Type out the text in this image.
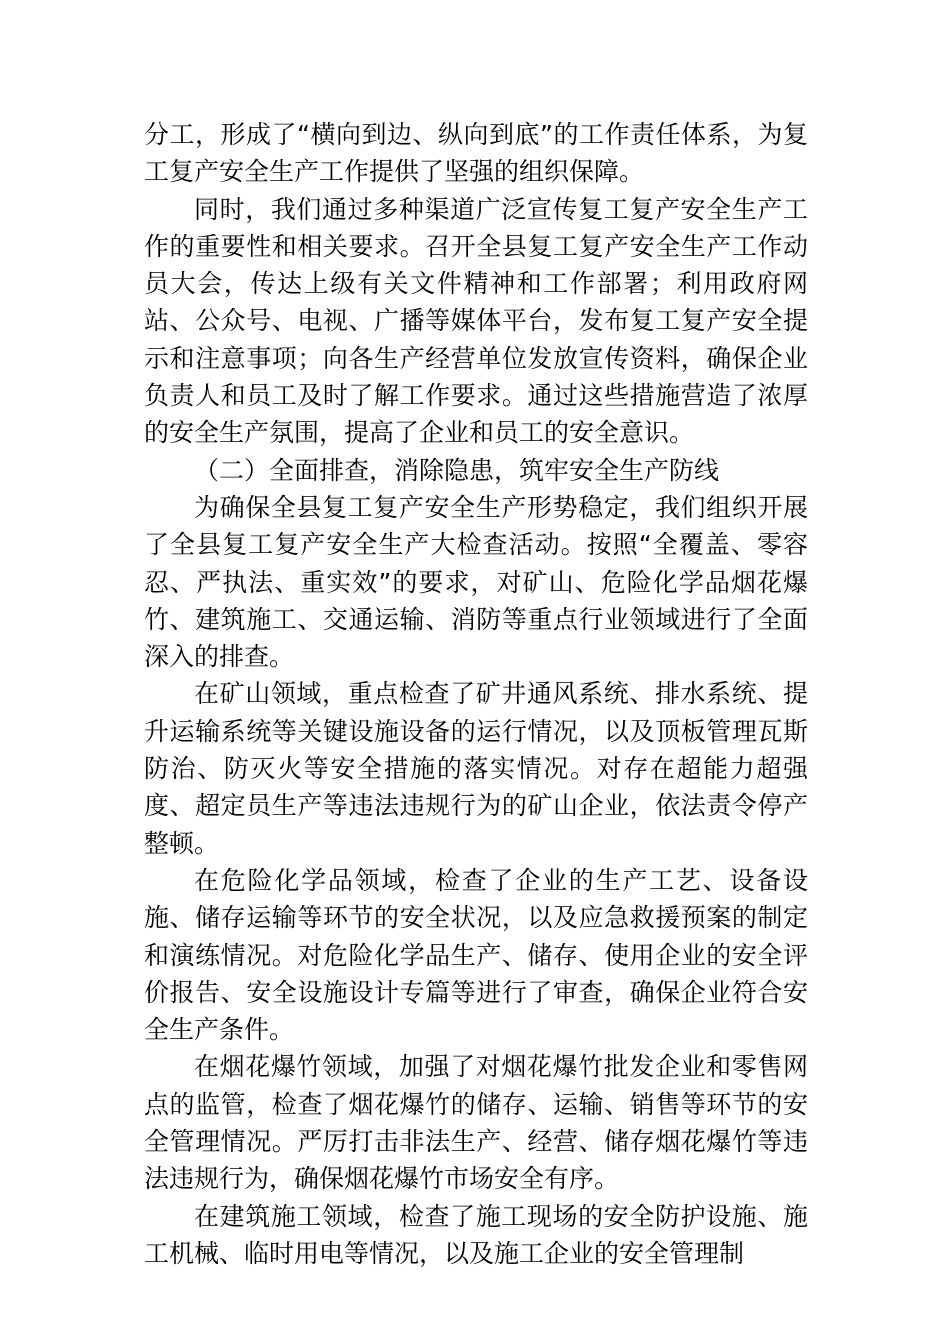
分工，形成了“横向到边、纵向到底”的工作责任体系，为复工复产安全生产工作提供了坚强的组织保障。

同时，我们通过多种渠道广泛宣传复工复产安全生产工作的重要性和相关要求。召开全县复工复产安全生产工作动员大会，传达上级有关文件精神和工作部署；利用政府网站、公众号、电视、广播等媒体平台，发布复工复产安全提示和注意事项；向各生产经营单位发放宣传资料，确保企业负责人和员工及时了解工作要求。通过这些措施营造了浓厚的安全生产氛围，提高了企业和员工的安全意识。

（二）全面排查，消除隐患，筑牢安全生产防线

为确保全县复工复产安全生产形势稳定，我们组织开展了全县复工复产安全生产大检查活动。按照“全覆盖、零容忍、严执法、重实效”的要求，对矿山、危险化学品烟花爆竹、建筑施工、交通运输、消防等重点行业领域进行了全面深入的排查。

在矿山领域，重点检查了矿井通风系统、排水系统、提升运输系统等关键设施设备的运行情况，以及顶板管理瓦斯防治、防灭火等安全措施的落实情况。对存在超能力超强度、超定员生产等违法违规行为的矿山企业，依法责令停产整顿。

在危险化学品领域，检查了企业的生产工艺、设备设施、储存运输等环节的安全状况，以及应急救援预案的制定和演练情况。对危险化学品生产、储存、使用企业的安全评价报告、安全设施设计专篇等进行了审查，确保企业符合安全生产条件。

在烟花爆竹领域，加强了对烟花爆竹批发企业和零售网点的监管，检查了烟花爆竹的储存、运输、销售等环节的安全管理情况。严厉打击非法生产、经营、储存烟花爆竹等违法违规行为，确保烟花爆竹市场安全有序。

在建筑施工领域，检查了施工现场的安全防护设施、施工机械、临时用电等情况，以及施工企业的安全管理制
